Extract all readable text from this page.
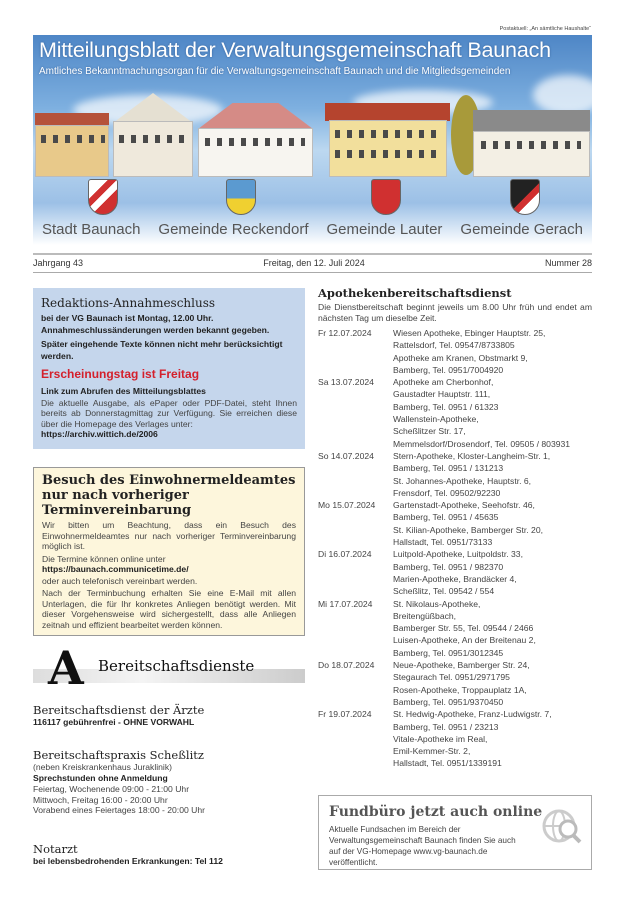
Postaktuell: „An sämtliche Haushalte“
Mitteilungsblatt der Verwaltungsgemeinschaft Baunach
Amtliches Bekanntmachungsorgan für die Verwaltungsgemeinschaft Baunach und die Mitgliedsgemeinden
Stadt Baunach Gemeinde Reckendorf Gemeinde Lauter Gemeinde Gerach
Jahrgang 43	Freitag, den 12. Juli 2024	Nummer 28
Redaktions-Annahmeschluss
bei der VG Baunach ist Montag, 12.00 Uhr. Annahmeschlussänderungen werden bekannt gegeben.
Später eingehende Texte können nicht mehr berücksichtigt werden.
Erscheinungstag ist Freitag
Link zum Abrufen des Mitteilungsblattes
Die aktuelle Ausgabe, als ePaper oder PDF-Datei, steht Ihnen bereits ab Donnerstagmittag zur Verfügung. Sie erreichen diese über die Homepage des Verlages unter:
https://archiv.wittich.de/2006
Besuch des Einwohnermeldeamtes nur nach vorheriger Terminvereinbarung
Wir bitten um Beachtung, dass ein Besuch des Einwohnermeldeamtes nur nach vorheriger Terminvereinbarung möglich ist.
Die Termine können online unter
https://baunach.communicetime.de/
oder auch telefonisch vereinbart werden.
Nach der Terminbuchung erhalten Sie eine E-Mail mit allen Unterlagen, die für Ihr konkretes Anliegen benötigt werden. Mit dieser Vorgehensweise wird sichergestellt, dass alle Anliegen zeitnah und effizient bearbeitet werden können.
A Bereitschaftsdienste
Bereitschaftsdienst der Ärzte
116117 gebührenfrei - OHNE VORWAHL
Bereitschaftspraxis Scheßlitz
(neben Kreiskrankenhaus Juraklinik)
Sprechstunden ohne Anmeldung
Feiertag, Wochenende 09:00 - 21:00 Uhr
Mittwoch, Freitag 16:00 - 20:00 Uhr
Vorabend eines Feiertages 18:00 - 20:00 Uhr
Notarzt
bei lebensbedrohenden Erkrankungen: Tel 112
Apothekenbereitschaftsdienst
Die Dienstbereitschaft beginnt jeweils um 8.00 Uhr früh und endet am nächsten Tag um dieselbe Zeit.
Fr 12.07.2024	Wiesen Apotheke, Ebinger Hauptstr. 25,
Rattelsdorf, Tel. 09547/8733805
Apotheke am Kranen, Obstmarkt 9,
Bamberg, Tel. 0951/7004920
Sa 13.07.2024	Apotheke am Cherbonhof,
Gaustadter Hauptstr. 111,
Bamberg, Tel. 0951 / 61323
Wallenstein-Apotheke,
Scheßlitzer Str. 17,
Memmelsdorf/Drosendorf, Tel. 09505 / 803931
So 14.07.2024	Stern-Apotheke, Kloster-Langheim-Str. 1,
Bamberg, Tel. 0951 / 131213
St. Johannes-Apotheke, Hauptstr. 6,
Frensdorf, Tel. 09502/92230
Mo 15.07.2024	Gartenstadt-Apotheke, Seehofstr. 46,
Bamberg, Tel. 0951 / 45635
St. Kilian-Apotheke, Bamberger Str. 20,
Hallstadt, Tel. 0951/73133
Di 16.07.2024	Luitpold-Apotheke, Luitpoldstr. 33,
Bamberg, Tel. 0951 / 982370
Marien-Apotheke, Brandäcker 4,
Scheßlitz, Tel. 09542 / 554
Mi 17.07.2024	St. Nikolaus-Apotheke,
Breitengüßbach,
Bamberger Str. 55, Tel. 09544 / 2466
Luisen-Apotheke, An der Breitenau 2,
Bamberg, Tel. 0951/3012345
Do 18.07.2024	Neue-Apotheke, Bamberger Str. 24,
Stegaurach Tel. 0951/2971795
Rosen-Apotheke, Troppauplatz 1A,
Bamberg, Tel. 0951/9370450
Fr 19.07.2024	St. Hedwig-Apotheke, Franz-Ludwigstr. 7,
Bamberg, Tel. 0951 / 23213
Vitale-Apotheke im Real,
Emil-Kemmer-Str. 2,
Hallstadt, Tel. 0951/1339191
Fundbüro jetzt auch online
Aktuelle Fundsachen im Bereich der Verwaltungsgemeinschaft Baunach finden Sie auch auf der VG-Homepage www.vg-baunach.de veröffentlicht.
